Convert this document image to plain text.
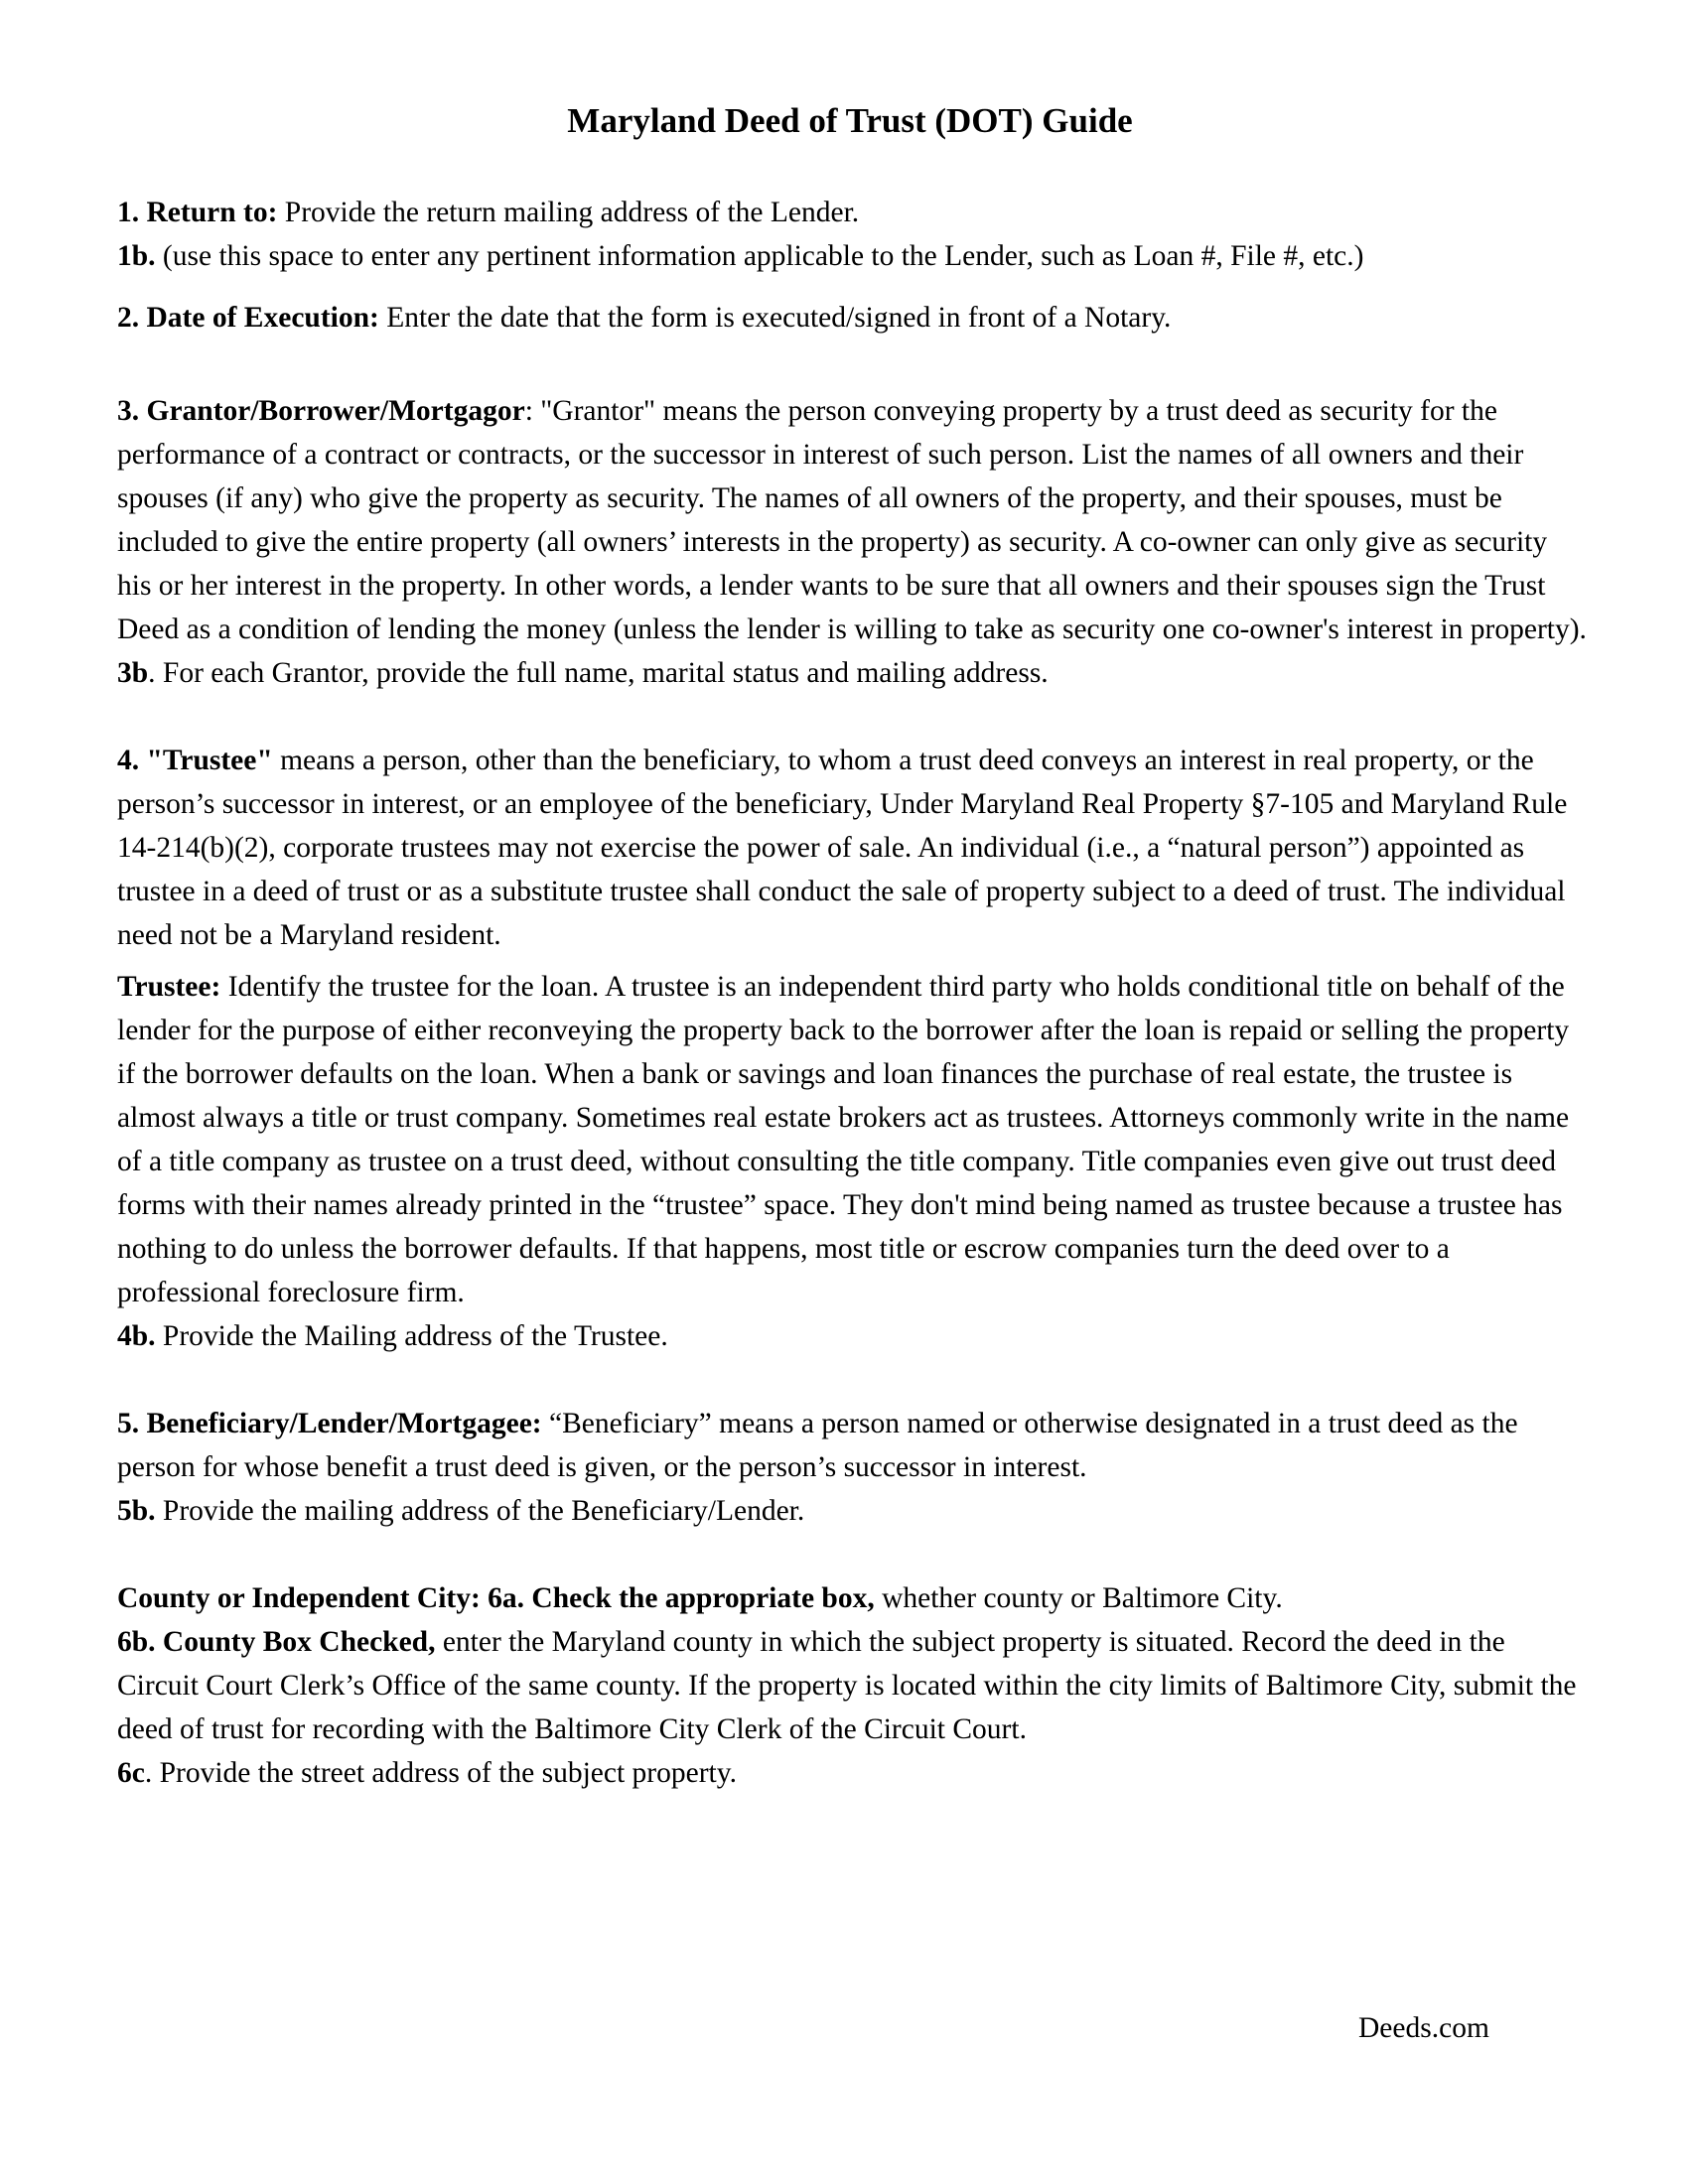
Maryland Deed of Trust (DOT) Guide

1. Return to: Provide the return mailing address of the Lender.

1b. (use this space to enter any pertinent information applicable to the Lender, such as Loan #, File #, etc.)

2. Date of Execution: Enter the date that the form is executed/signed in front of a Notary.

3. Grantor/Borrower/Mortgagor: "Grantor" means the person conveying property by a trust deed as security for the performance of a contract or contracts, or the successor in interest of such person. List the names of all owners and their spouses (if any) who give the property as security. The names of all owners of the property, and their spouses, must be included to give the entire property (all owners’ interests in the property) as security. A co-owner can only give as security his or her interest in the property. In other words, a lender wants to be sure that all owners and their spouses sign the Trust Deed as a condition of lending the money (unless the lender is willing to take as security one co-owner's interest in property).

3b. For each Grantor, provide the full name, marital status and mailing address.

4. "Trustee" means a person, other than the beneficiary, to whom a trust deed conveys an interest in real property, or the person’s successor in interest, or an employee of the beneficiary, Under Maryland Real Property §7-105 and Maryland Rule 14-214(b)(2), corporate trustees may not exercise the power of sale. An individual (i.e., a “natural person”) appointed as trustee in a deed of trust or as a substitute trustee shall conduct the sale of property subject to a deed of trust. The individual need not be a Maryland resident.

Trustee: Identify the trustee for the loan. A trustee is an independent third party who holds conditional title on behalf of the lender for the purpose of either reconveying the property back to the borrower after the loan is repaid or selling the property if the borrower defaults on the loan. When a bank or savings and loan finances the purchase of real estate, the trustee is almost always a title or trust company. Sometimes real estate brokers act as trustees. Attorneys commonly write in the name of a title company as trustee on a trust deed, without consulting the title company. Title companies even give out trust deed forms with their names already printed in the “trustee” space. They don't mind being named as trustee because a trustee has nothing to do unless the borrower defaults. If that happens, most title or escrow companies turn the deed over to a professional foreclosure firm.

4b. Provide the Mailing address of the Trustee.

5. Beneficiary/Lender/Mortgagee: “Beneficiary” means a person named or otherwise designated in a trust deed as the person for whose benefit a trust deed is given, or the person’s successor in interest.

5b. Provide the mailing address of the Beneficiary/Lender.

County or Independent City: 6a. Check the appropriate box, whether county or Baltimore City.

6b. County Box Checked, enter the Maryland county in which the subject property is situated. Record the deed in the Circuit Court Clerk’s Office of the same county. If the property is located within the city limits of Baltimore City, submit the deed of trust for recording with the Baltimore City Clerk of the Circuit Court.

6c. Provide the street address of the subject property.

Deeds.com
